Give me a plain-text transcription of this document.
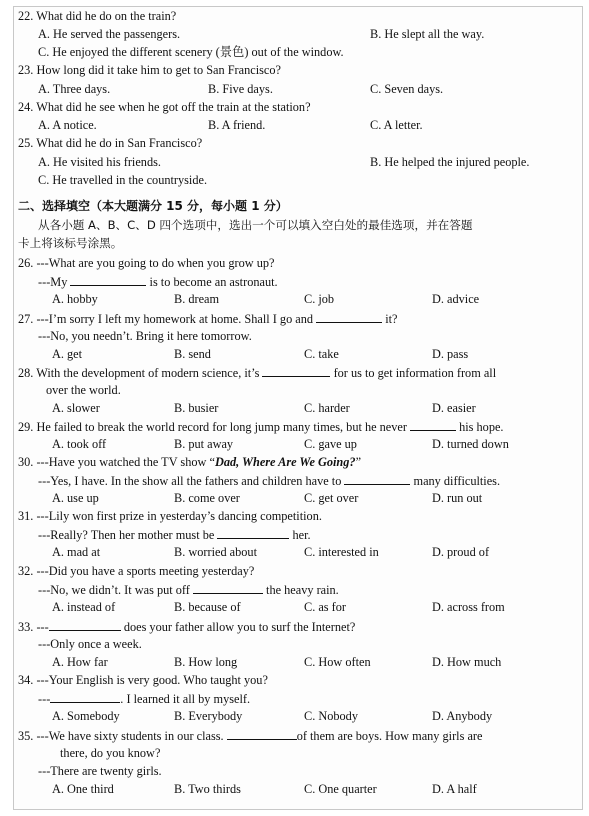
22. What did he do on the train?
A. He served the passengers.	B. He slept all the way.
C. He enjoyed the different scenery (景色) out of the window.
23. How long did it take him to get to San Francisco?
A. Three days.	B. Five days.	C. Seven days.
24. What did he see when he got off the train at the station?
A. A notice.	B. A friend.	C. A letter.
25. What did he do in San Francisco?
A. He visited his friends.	B. He helped the injured people.
C. He travelled in the countryside.
二、选择填空（本大题满分 15 分，每小题 1 分）
从各小题 A、B、C、D 四个选项中，选出一个可以填入空白处的最佳选项，并在答题
卡上将该标号涂黑。
26. ---What are you going to do when you grow up?
---My	is to become an astronaut.
A. hobby	B. dream	C. job	D. advice
27. ---I’m sorry I left my homework at home. Shall I go and	it?
---No, you needn’t. Bring it here tomorrow.
A. get	B. send	C. take	D. pass
28. With the development of modern science, it’s	for us to get information from all
over the world.
A. slower	B. busier	C. harder	D. easier
29. He failed to break the world record for long jump many times, but he never	his hope.
A. took off	B. put away	C. gave up	D. turned down
30. ---Have you watched the TV show “Dad, Where Are We Going?”
---Yes, I have. In the show all the fathers and children have to	many difficulties.
A. use up	B. come over	C. get over	D. run out
31. ---Lily won first prize in yesterday’s dancing competition.
---Really? Then her mother must be	her.
A. mad at	B. worried about	C. interested in	D. proud of
32. ---Did you have a sports meeting yesterday?
---No, we didn’t. It was put off	the heavy rain.
A. instead of	B. because of	C. as for	D. across from
33. ---	does your father allow you to surf the Internet?
---Only once a week.
A. How far	B. How long	C. How often	D. How much
34. ---Your English is very good. Who taught you?
---	. I learned it all by myself.
A. Somebody	B. Everybody	C. Nobody	D. Anybody
35. ---We have sixty students in our class.	of them are boys. How many girls are
there, do you know?
---There are twenty girls.
A. One third	B. Two thirds	C. One quarter	D. A half
